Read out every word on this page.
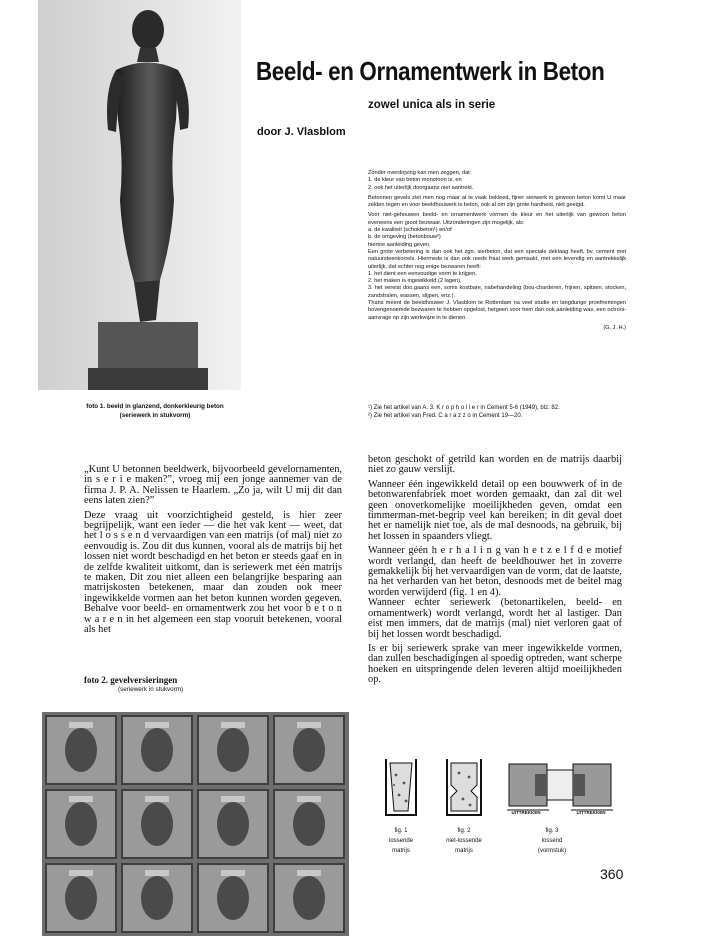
foto 1. beeld in glanzend, donkerkleurig beton
(seriewerk in stukvorm)
Beeld- en Ornamentwerk in Beton
zowel unica als in serie
door J. Vlasblom

Zonder overdrijving kan men zeggen, dat:
1. de kleur van beton monotoon is, en
2. ook het uiterlijk doorgaans niet aantrekt.

Betonnen gevels ziet men nog maar al te vaak bekleed, fijner sierwerk in gewoon beton komt U maar zelden tegen en voor beeldhouwerk is beton, ook al om zijn grote hardheid, niet geeigd.

Voor niet-gehouwen beeld- en ornamentwerk vormen de kleur en het uiterlijk van gewoon beton eveneens een groot bezwaar. Uitzonderingen zijn mogelijk, als:
a. de kwaliteit (schokbeton¹) en/of
b. de omgeving (betonbouw²)
hiertoe aanleiding geven.
Een grote verbetering is dan ook het zgn. sierbeton, dat een speciale deklaag heeft, bv. cement met natuursteenkorrels. Hiermede is dan ook reeds fraai werk gemaakt, met een levendig en aantrekkelijk uiterlijk, dat echter nog enige bezwaren heeft:
1. het dient een eenvoudige vorm te krijgen,
2. het maken is ingewikkeld (2 lagen),
3. het vereist doo.gaans een, soms kostbare, nabehandeling (bou-charderen, frijnen, spitsen, stocken, zandstralen, wassen, slijpen, enz.).
Thans meent de beeldhouwer J. Vlasblom te Rotterdam na veel studie en langdurige proefnemingen bovengenoemde bezwaren te hebben opgelost, hetgeen voor hem dan ook aanleiding was, een octrooi-aanvrage op zijn werkwijze in te dienen.

(G. J. H.)
¹) Zie het artikel van A. 3. K r o p h o l l e r in Cement 5-6 (1949), blz. 82.
²) Zie het artikel van Fred. C a r a z z o in Cement 19—20.

„Kunt U betonnen beeldwerk, bijvoorbeeld gevelornamenten, in s e r i e maken?”, vroeg mij een jonge aannemer van de firma J. P. A. Nelissen te Haarlem. „Zo ja, wilt U mij dit dan eens laten zien?”

Deze vraag uit voorzichtigheid gesteld, is hier zeer begrijpelijk, want een ieder — die het vak kent — weet, dat het l o s s e n d vervaardigen van een matrijs (of mal) niet zo eenvoudig is. Zou dit dus kunnen, vooral als de matrijs bij het lossen niet wordt beschadigd en het beton er steeds gaaf en in de zelfde kwaliteit uitkomt, dan is seriewerk met één matrijs te maken. Dit zou niet alleen een belangrijke besparing aan matrijskosten betekenen, maar dan zouden ook meer ingewikkelde vormen aan het beton kunnen worden gegeven. Behalve voor beeld- en ornamentwerk zou het voor b e t o n w a r e n in het algemeen een stap vooruit betekenen, vooral als het

beton geschokt of getrild kan worden en de matrijs daarbij niet zo gauw verslijt.

Wanneer één ingewikkeld detail op een bouwwerk of in de betonwarenfabriek moet worden gemaakt, dan zal dit wel geen onoverkomelijke moeilijkheden geven, omdat een timmerman-met-begrip veel kan bereiken; in dit geval doet het er namelijk niet toe, als de mal desnoods, na gebruik, bij het lossen in spaanders vliegt.

Wanneer géén h e r h a l i n g van h e t z e l f d e motief wordt verlangd, dan heeft de beeldhouwer het in zoverre gemakkelijk bij het vervaardigen van de vorm, dat de laatste, na het verharden van het beton, desnoods met de beitel mag worden verwijderd (fig. 1 en 4).
Wanneer echter seriewerk (betonartikelen, beeld- en ornamentwerk) wordt verlangd, wordt het al lastiger. Dan eist men immers, dat de matrijs (mal) niet verloren gaat of bij het lossen wordt beschadigd.

Is er bij seriewerk sprake van meer ingewikkelde vormen, dan zullen beschadigingen al spoedig optreden, want scherpe hoeken en uitspringende delen leveren altijd moeilijkheden op.

foto 2. gevelversieringen
(seriewerk in stukvorm)
fig. 1
lossende
matrijs
fig. 2
niet-lossende
matrijs
UITTREKKEN	UITTREKKEN
fig. 3
lossend
(vormstuk)
360
